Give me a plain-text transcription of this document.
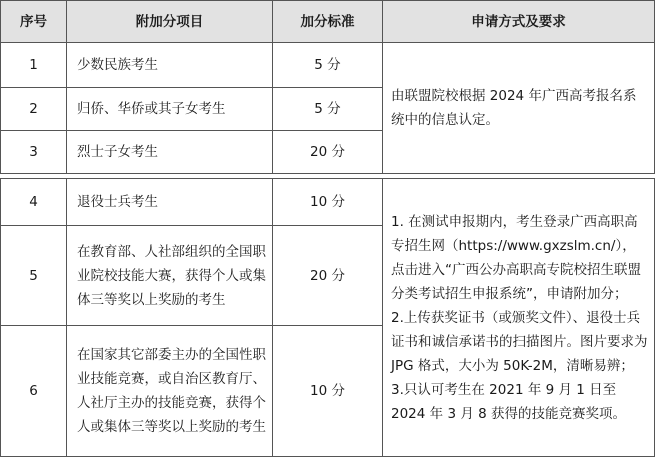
序号	附加分项目	加分标准	申请方式及要求
1	少数民族考生	5 分	由联盟院校根据 2024 年广西高考报名系统中的信息认定。
2	归侨、华侨或其子女考生	5 分	
3	烈士子女考生	20 分	

4	退役士兵考生	10 分	1. 在测试申报期内，考生登录广西高职高专招生网（https://www.gxzslm.cn/），点击进入“广西公办高职高专院校招生联盟分类考试招生申报系统”，申请附加分；
2.上传获奖证书（或颁奖文件）、退役士兵证书和诚信承诺书的扫描图片。图片要求为 JPG 格式，大小为 50K-2M，清晰易辨；
3.只认可考生在 2021 年 9 月 1 日至 2024 年 3 月 8 获得的技能竞赛奖项。

5	在教育部、人社部组织的全国职业院校技能大赛，获得个人或集体三等奖以上奖励的考生	20 分	
6	在国家其它部委主办的全国性职业技能竞赛，或自治区教育厅、人社厅主办的技能竞赛，获得个人或集体三等奖以上奖励的考生	10 分	
